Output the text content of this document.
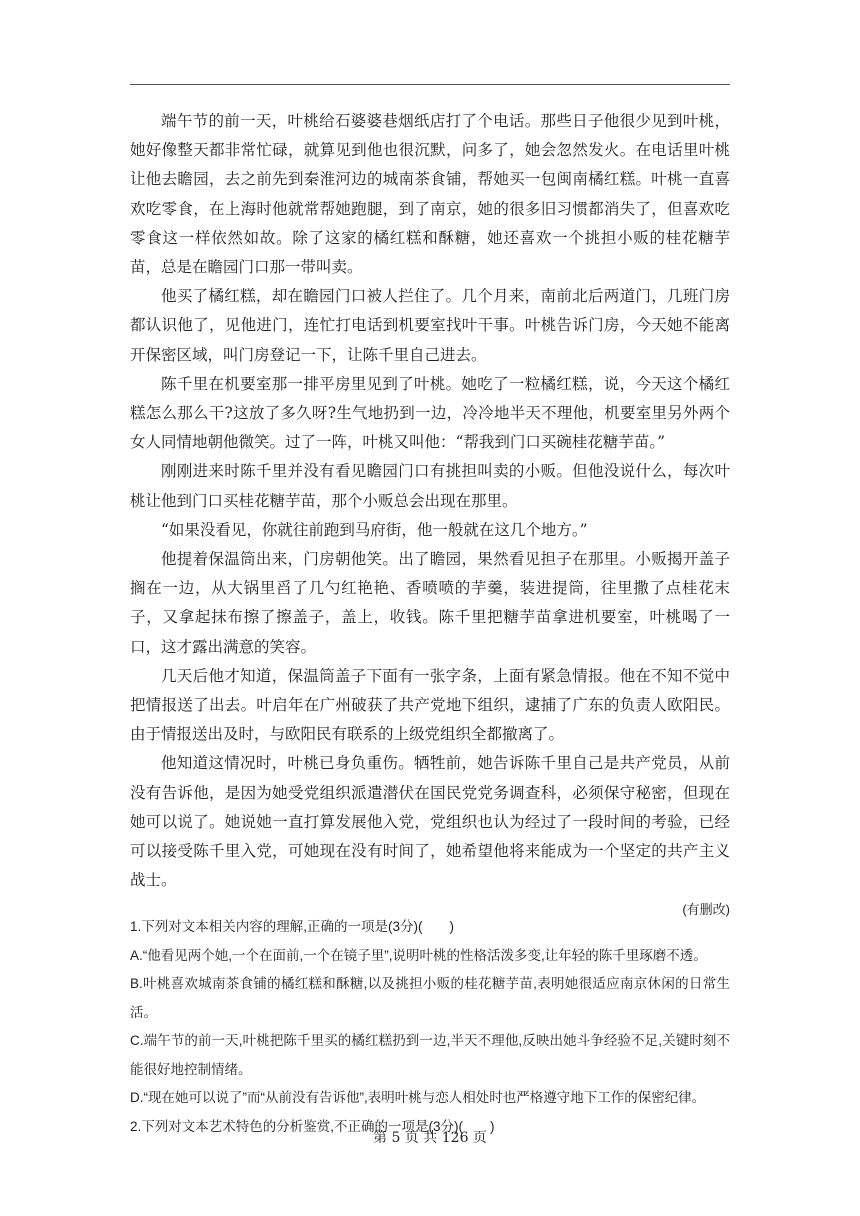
端午节的前一天，叶桃给石婆婆巷烟纸店打了个电话。那些日子他很少见到叶桃，她好像整天都非常忙碌，就算见到他也很沉默，问多了，她会忽然发火。在电话里叶桃让他去瞻园，去之前先到秦淮河边的城南茶食铺，帮她买一包闽南橘红糕。叶桃一直喜欢吃零食，在上海时他就常帮她跑腿，到了南京，她的很多旧习惯都消失了，但喜欢吃零食这一样依然如故。除了这家的橘红糕和酥糖，她还喜欢一个挑担小贩的桂花糖芋苗，总是在瞻园门口那一带叫卖。

他买了橘红糕，却在瞻园门口被人拦住了。几个月来，南前北后两道门，几班门房都认识他了，见他进门，连忙打电话到机要室找叶干事。叶桃告诉门房，今天她不能离开保密区域，叫门房登记一下，让陈千里自己进去。

陈千里在机要室那一排平房里见到了叶桃。她吃了一粒橘红糕，说，今天这个橘红糕怎么那么干?这放了多久呀?生气地扔到一边，冷冷地半天不理他，机要室里另外两个女人同情地朝他微笑。过了一阵，叶桃又叫他：“帮我到门口买碗桂花糖芋苗。”

刚刚进来时陈千里并没有看见瞻园门口有挑担叫卖的小贩。但他没说什么，每次叶桃让他到门口买桂花糖芋苗，那个小贩总会出现在那里。

“如果没看见，你就往前跑到马府街，他一般就在这几个地方。”

他提着保温筒出来，门房朝他笑。出了瞻园，果然看见担子在那里。小贩揭开盖子搁在一边，从大锅里舀了几勺红艳艳、香喷喷的芋羹，装进提筒，往里撒了点桂花末子，又拿起抹布擦了擦盖子，盖上，收钱。陈千里把糖芋苗拿进机要室，叶桃喝了一口，这才露出满意的笑容。

几天后他才知道，保温筒盖子下面有一张字条，上面有紧急情报。他在不知不觉中把情报送了出去。叶启年在广州破获了共产党地下组织，逮捕了广东的负责人欧阳民。由于情报送出及时，与欧阳民有联系的上级党组织全都撤离了。

他知道这情况时，叶桃已身负重伤。牺牲前，她告诉陈千里自己是共产党员，从前没有告诉他，是因为她受党组织派遣潜伏在国民党党务调查科，必须保守秘密，但现在她可以说了。她说她一直打算发展他入党，党组织也认为经过了一段时间的考验，已经可以接受陈千里入党，可她现在没有时间了，她希望他将来能成为一个坚定的共产主义战士。

(有删改)

1.下列对文本相关内容的理解,正确的一项是(3分)(　　)

A.“他看见两个她,一个在面前,一个在镜子里”,说明叶桃的性格活泼多变,让年轻的陈千里琢磨不透。

B.叶桃喜欢城南茶食铺的橘红糕和酥糖,以及挑担小贩的桂花糖芋苗,表明她很适应南京休闲的日常生活。

C.端午节的前一天,叶桃把陈千里买的橘红糕扔到一边,半天不理他,反映出她斗争经验不足,关键时刻不能很好地控制情绪。

D.“现在她可以说了”而“从前没有告诉他”,表明叶桃与恋人相处时也严格遵守地下工作的保密纪律。

2.下列对文本艺术特色的分析鉴赏,不正确的一项是(3分)(　　)

第 5 页 共 126 页
